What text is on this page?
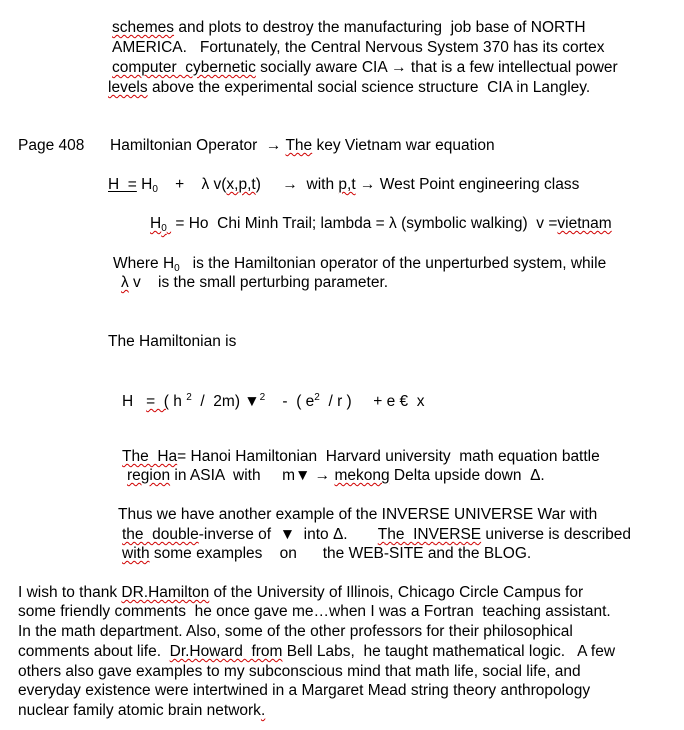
schemes and plots to destroy the manufacturing  job base of NORTH
AMERICA.   Fortunately, the Central Nervous System 370 has its cortex
computer  cybernetic socially aware CIA → that is a few intellectual power
levels above the experimental social science structure  CIA in Langley.
Page 408 Hamiltonian Operator  → The key Vietnam war equation
$H = H_0$    +    λ v(x,p,t)     →  with p,t → West Point engineering class
$H_0 = Ho$  Chi Minh Trail; lambda = λ (symbolic walking)  v =vietnam
Where $H_0$   is the Hamiltonian operator of the unperturbed system, while
λ v    is the small perturbing parameter.
The Hamiltonian is
H   =  ( h $^2$  /  2m) ▼$^2$    -  ( $e^2$  / r )     + e €  x
The  Ha= Hanoi Hamiltonian  Harvard university  math equation battle
region in ASIA  with     m▼ → mekong Delta upside down  Δ.
Thus we have another example of the INVERSE UNIVERSE War with
the  double-inverse of  ▼  into Δ.       The  INVERSE universe is described
with some examples    on      the WEB-SITE and the BLOG.
I wish to thank DR.Hamilton of the University of Illinois, Chicago Circle Campus for
some friendly comments  he once gave me…when I was a Fortran  teaching assistant.
In the math department. Also, some of the other professors for their philosophical
comments about life.  Dr.Howard  from Bell Labs,  he taught mathematical logic.   A few
others also gave examples to my subconscious mind that math life, social life, and
everyday existence were intertwined in a Margaret Mead string theory anthropology
nuclear family atomic brain network.
